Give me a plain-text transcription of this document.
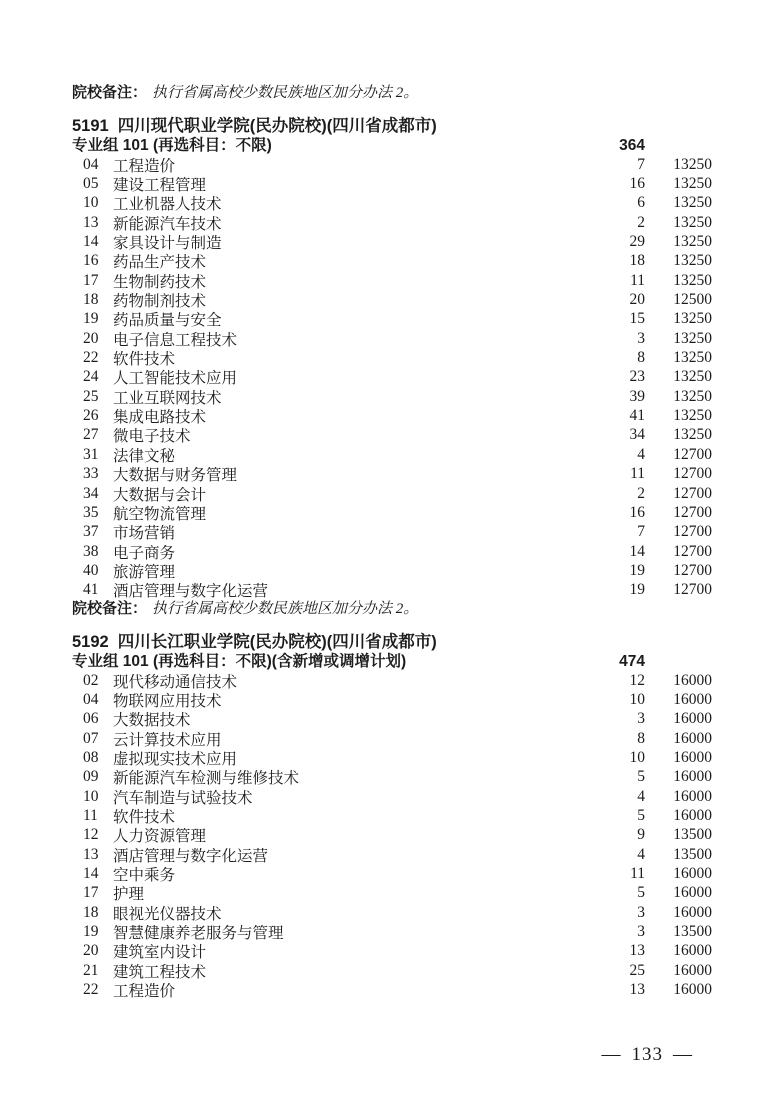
院校备注： 执行省属高校少数民族地区加分办法 2。

5191 四川现代职业学院(民办院校)(四川省成都市)
专业组 101 (再选科目：不限)	364
04 工程造价	7	13250
05 建设工程管理	16	13250
10 工业机器人技术	6	13250
13 新能源汽车技术	2	13250
14 家具设计与制造	29	13250
16 药品生产技术	18	13250
17 生物制药技术	11	13250
18 药物制剂技术	20	12500
19 药品质量与安全	15	13250
20 电子信息工程技术	3	13250
22 软件技术	8	13250
24 人工智能技术应用	23	13250
25 工业互联网技术	39	13250
26 集成电路技术	41	13250
27 微电子技术	34	13250
31 法律文秘	4	12700
33 大数据与财务管理	11	12700
34 大数据与会计	2	12700
35 航空物流管理	16	12700
37 市场营销	7	12700
38 电子商务	14	12700
40 旅游管理	19	12700
41 酒店管理与数字化运营	19	12700

院校备注： 执行省属高校少数民族地区加分办法 2。

5192 四川长江职业学院(民办院校)(四川省成都市)
专业组 101 (再选科目：不限)(含新增或调增计划)	474
02 现代移动通信技术	12	16000
04 物联网应用技术	10	16000
06 大数据技术	3	16000
07 云计算技术应用	8	16000
08 虚拟现实技术应用	10	16000
09 新能源汽车检测与维修技术	5	16000
10 汽车制造与试验技术	4	16000
11 软件技术	5	16000
12 人力资源管理	9	13500
13 酒店管理与数字化运营	4	13500
14 空中乘务	11	16000
17 护理	5	16000
18 眼视光仪器技术	3	16000
19 智慧健康养老服务与管理	3	13500
20 建筑室内设计	13	16000
21 建筑工程技术	25	16000
22 工程造价	13	16000
— 133 —
